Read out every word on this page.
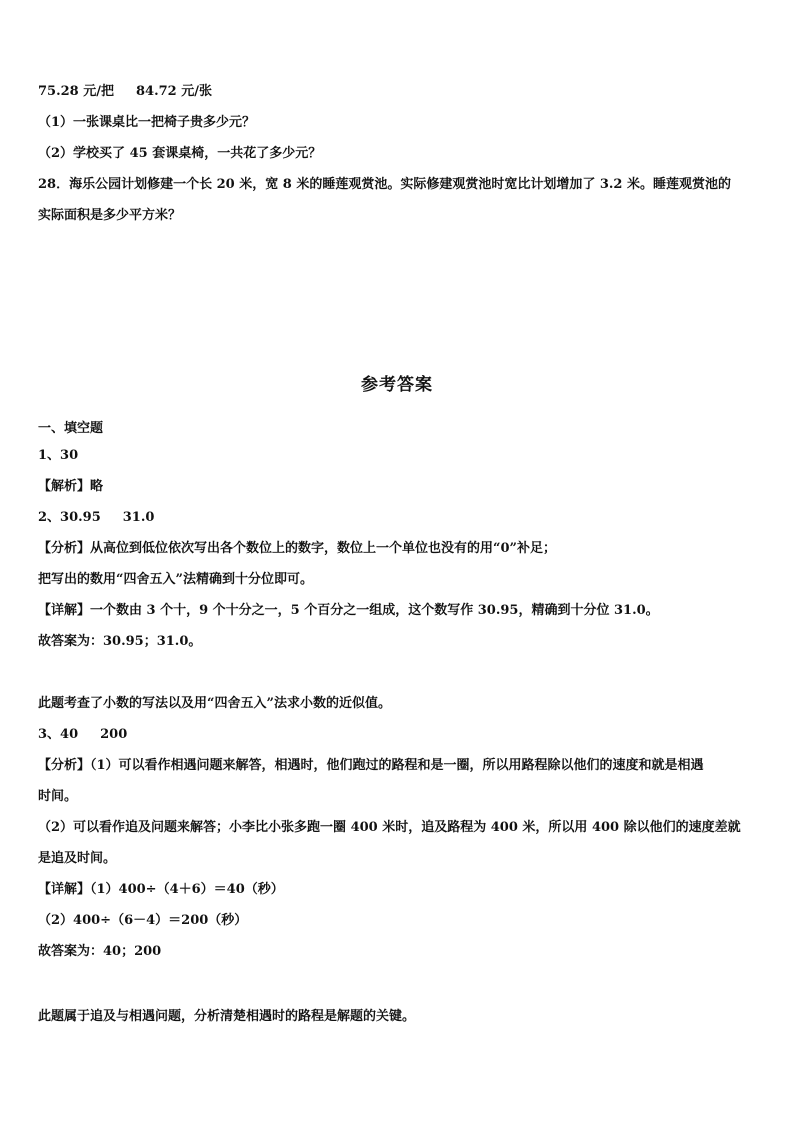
75.28 元/把 84.72 元/张
（1）一张课桌比一把椅子贵多少元？
（2）学校买了 45 套课桌椅，一共花了多少元？
28．海乐公园计划修建一个长 20 米，宽 8 米的睡莲观赏池。实际修建观赏池时宽比计划增加了 3.2 米。睡莲观赏池的
实际面积是多少平方米？
参考答案
一、填空题
1、30
【解析】略
2、30.95 31.0
【分析】从高位到低位依次写出各个数位上的数字，数位上一个单位也没有的用“0”补足；
把写出的数用“四舍五入”法精确到十分位即可。
【详解】一个数由 3 个十，9 个十分之一，5 个百分之一组成，这个数写作 30.95，精确到十分位 31.0。
故答案为：30.95；31.0。
此题考查了小数的写法以及用“四舍五入”法求小数的近似值。
3、40 200
【分析】（1）可以看作相遇问题来解答，相遇时，他们跑过的路程和是一圈，所以用路程除以他们的速度和就是相遇
时间。
（2）可以看作追及问题来解答；小李比小张多跑一圈 400 米时，追及路程为 400 米，所以用 400 除以他们的速度差就
是追及时间。
【详解】（1）400÷（4＋6）＝40（秒）
（2）400÷（6－4）＝200（秒）
故答案为：40；200
此题属于追及与相遇问题，分析清楚相遇时的路程是解题的关键。
